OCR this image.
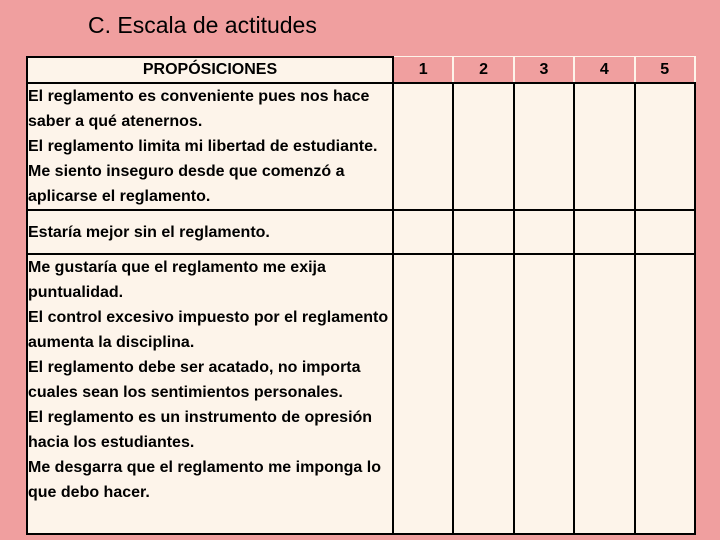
C. Escala de actitudes
PROPÓSICIONES	1	2	3	4	5

El reglamento es conveniente pues nos hace saber a qué atenernos.
El reglamento limita mi libertad de estudiante.
Me siento inseguro desde que comenzó a aplicarse el reglamento.					

Estaría mejor sin el reglamento.					

Me gustaría que el reglamento me exija puntualidad.
El control excesivo impuesto por el reglamento aumenta la disciplina.
El reglamento debe ser acatado, no importa cuales sean los sentimientos personales.
El reglamento es un instrumento de opresión hacia los estudiantes.
Me desgarra que el reglamento me imponga lo que debo hacer.					
